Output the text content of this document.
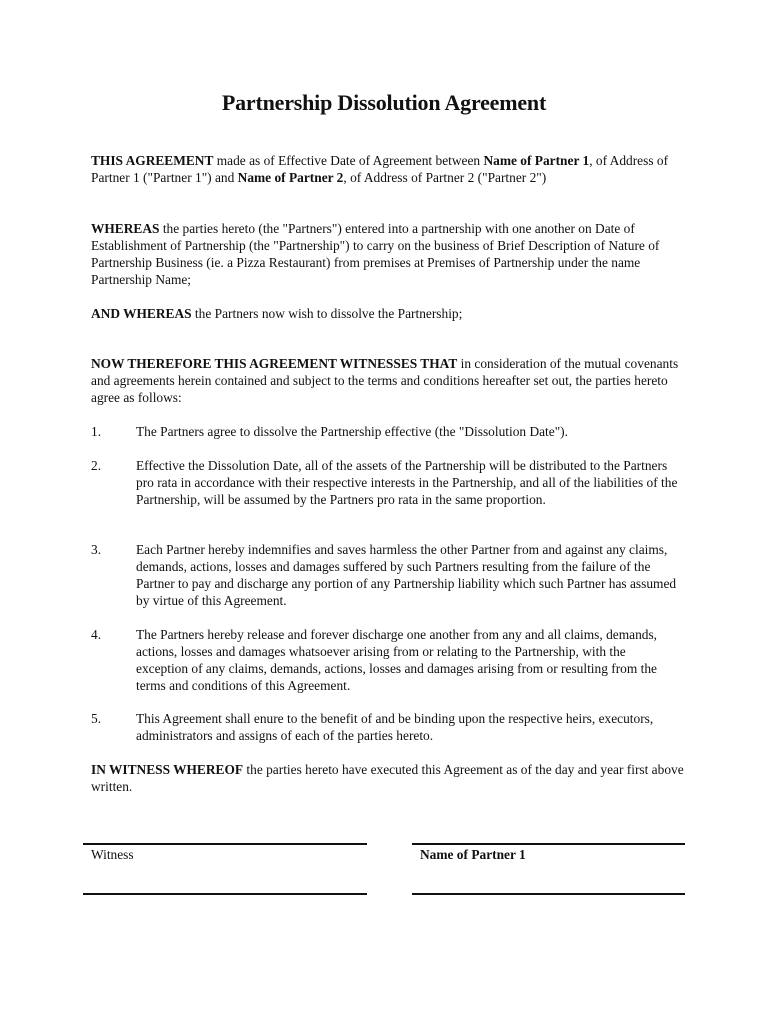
Partnership Dissolution Agreement
THIS AGREEMENT made as of Effective Date of Agreement between Name of Partner 1, of Address of Partner 1 ("Partner 1") and Name of Partner 2, of Address of Partner 2 ("Partner 2")
WHEREAS the parties hereto (the "Partners") entered into a partnership with one another on Date of Establishment of Partnership (the "Partnership") to carry on the business of Brief Description of Nature of Partnership Business (ie. a Pizza Restaurant) from premises at Premises of Partnership under the name Partnership Name;
AND WHEREAS the Partners now wish to dissolve the Partnership;
NOW THEREFORE THIS AGREEMENT WITNESSES THAT in consideration of the mutual covenants and agreements herein contained and subject to the terms and conditions hereafter set out, the parties hereto agree as follows:
1.	The Partners agree to dissolve the Partnership effective (the "Dissolution Date").
2.	Effective the Dissolution Date, all of the assets of the Partnership will be distributed to the Partners pro rata in accordance with their respective interests in the Partnership, and all of the liabilities of the Partnership, will be assumed by the Partners pro rata in the same proportion.
3.	Each Partner hereby indemnifies and saves harmless the other Partner from and against any claims, demands, actions, losses and damages suffered by such Partners resulting from the failure of the Partner to pay and discharge any portion of any Partnership liability which such Partner has assumed by virtue of this Agreement.
4.	The Partners hereby release and forever discharge one another from any and all claims, demands, actions, losses and damages whatsoever arising from or relating to the Partnership, with the exception of any claims, demands, actions, losses and damages arising from or resulting from the terms and conditions of this Agreement.
5.	This Agreement shall enure to the benefit of and be binding upon the respective heirs, executors, administrators and assigns of each of the parties hereto.
IN WITNESS WHEREOF the parties hereto have executed this Agreement as of the day and year first above written.
Witness	Name of Partner 1
